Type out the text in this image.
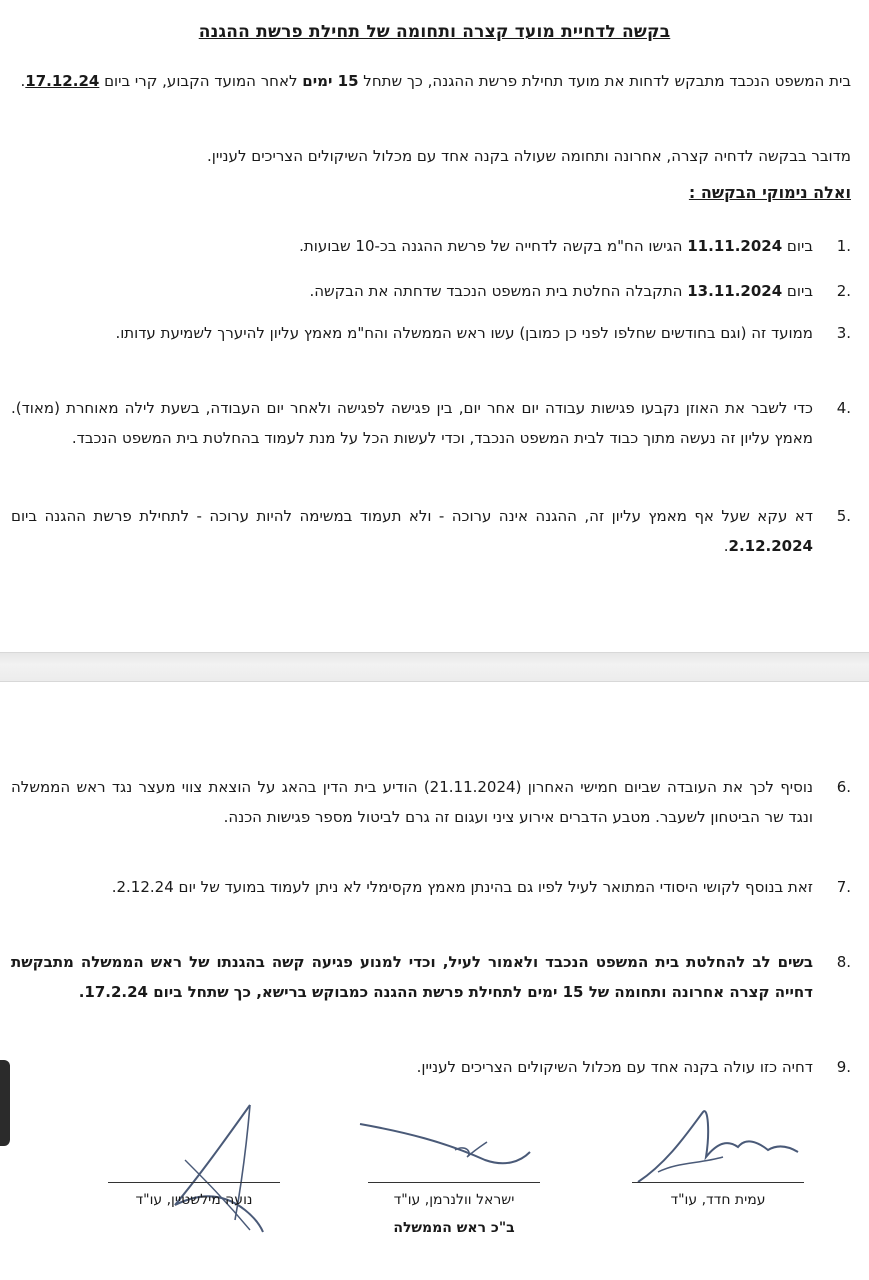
בקשה לדחיית מועד קצרה ותחומה של תחילת פרשת ההגנה
בית המשפט הנכבד מתבקש לדחות את מועד תחילת פרשת ההגנה, כך שתחל 15 ימים לאחר המועד הקבוע, קרי ביום 17.12.24.
מדובר בבקשה לדחיה קצרה, אחרונה ותחומה שעולה בקנה אחד עם מכלול השיקולים הצריכים לעניין.
ואלה נימוקי הבקשה :
1.
ביום 11.11.2024 הגישו הח"מ בקשה לדחייה של פרשת ההגנה בכ-10 שבועות.
2.
ביום 13.11.2024 התקבלה החלטת בית המשפט הנכבד שדחתה את הבקשה.
3.
ממועד זה (וגם בחודשים שחלפו לפני כן כמובן) עשו ראש הממשלה והח"מ מאמץ עליון להיערך לשמיעת עדותו.
4.
כדי לשבר את האוזן נקבעו פגישות עבודה יום אחר יום, בין פגישה לפגישה ולאחר יום העבודה, בשעת לילה מאוחרת (מאוד). מאמץ עליון זה נעשה מתוך כבוד לבית המשפט הנכבד, וכדי לעשות הכל על מנת לעמוד בהחלטת בית המשפט הנכבד.
5.
דא עקא שעל אף מאמץ עליון זה, ההגנה אינה ערוכה - ולא תעמוד במשימה להיות ערוכה - לתחילת פרשת ההגנה ביום 2.12.2024.
6.
נוסיף לכך את העובדה שביום חמישי האחרון (21.11.2024) הודיע בית הדין בהאג על הוצאת צווי מעצר נגד ראש הממשלה ונגד שר הביטחון לשעבר. מטבע הדברים אירוע ציני ועגום זה גרם לביטול מספר פגישות הכנה.
7.
זאת בנוסף לקושי היסודי המתואר לעיל לפיו גם בהינתן מאמץ מקסימלי לא ניתן לעמוד במועד של יום 2.12.24.
8.
בשים לב להחלטת בית המשפט הנכבד ולאמור לעיל, וכדי למנוע פגיעה קשה בהגנתו של ראש הממשלה מתבקשת דחייה קצרה אחרונה ותחומה של 15 ימים לתחילת פרשת ההגנה כמבוקש ברישא, כך שתחל ביום 17.2.24.
9.
דחיה כזו עולה בקנה אחד עם מכלול השיקולים הצריכים לעניין.
עמית חדד, עו"ד
ישראל וולנרמן, עו"ד
ב"כ ראש הממשלה
נועה מילשטיין, עו"ד
